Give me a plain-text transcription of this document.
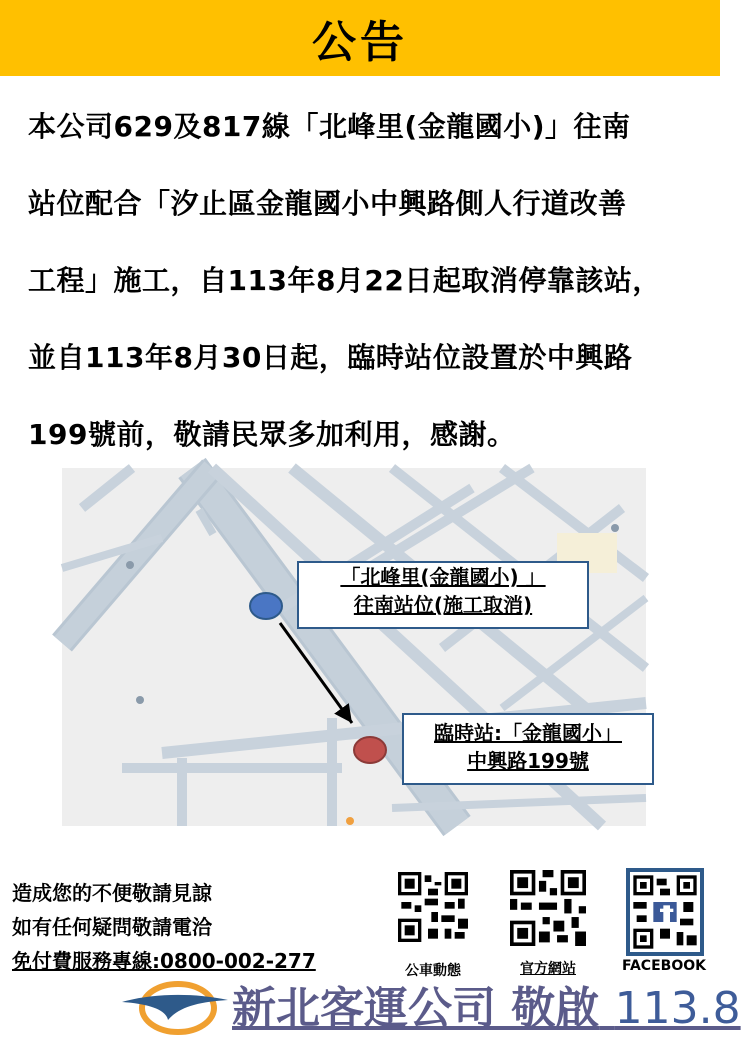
公告
本公司629及817線「北峰里(金龍國小)」往南
站位配合「汐止區金龍國小中興路側人行道改善
工程」施工，自113年8月22日起取消停靠該站，
並自113年8月30日起，臨時站位設置於中興路
199號前，敬請民眾多加利用，感謝。
「北峰里(金龍國小) 」
往南站位(施工取消)
臨時站:「金龍國小」
中興路199號
造成您的不便敬請見諒
如有任何疑問敬請電洽
免付費服務專線:0800-002-277	公車動態	官方網站	FACEBOOK
新北客運公司 敬啟 113.8
